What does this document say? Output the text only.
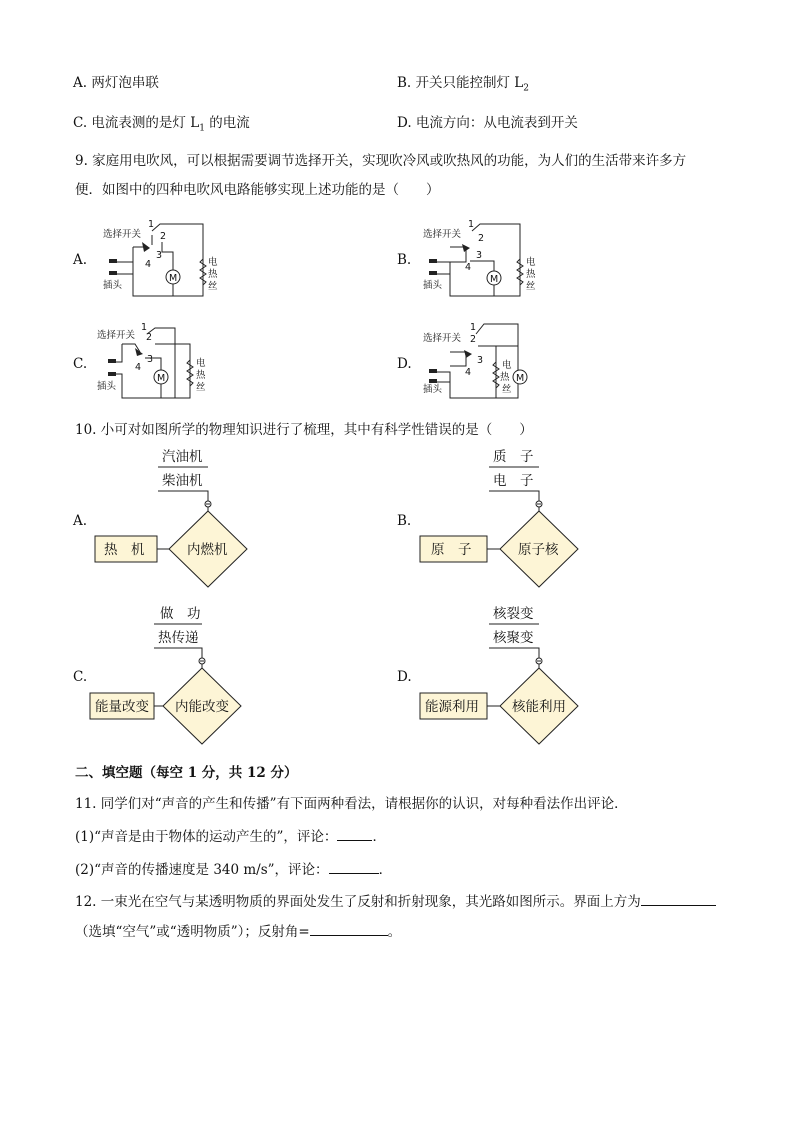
A. 两灯泡串联	B. 开关只能控制灯 $L_2$
C. 电流表测的是灯 $L_1$ 的电流	D. 电流方向：从电流表到开关
9. 家庭用电吹风，可以根据需要调节选择开关，实现吹冷风或吹热风的功能，为人们的生活带来许多方
便．如图中的四种电吹风电路能够实现上述功能的是（　　）
A.	B.
C.	D.
选择开关
1
2
3
4
M
电
热
丝
插头
选择开关
1
2
3
4
M
电
热
丝
插头
选择开关
1
2
3
4
M
电
热
丝
插头
选择开关
1
2
3
4
电
热
丝
M
插头
10. 小可对如图所学的物理知识进行了梳理，其中有科学性错误的是（　　）
A.	B.
C.	D.
汽油机
柴油机
内燃机
热　机
质　子
电　子
原子核
原　子
做　功
热传递
内能改变
能量改变
核裂变
核聚变
核能利用
能源利用
二、填空题（每空 1 分，共 12 分）
11. 同学们对“声音的产生和传播”有下面两种看法，请根据你的认识，对每种看法作出评论．
(1)“声音是由于物体的运动产生的”，评论：	．
(2)“声音的传播速度是 340 m/s”，评论：	．
12. 一束光在空气与某透明物质的界面处发生了反射和折射现象，其光路如图所示。界面上方为
（选填“空气”或“透明物质”）；反射角=	。
